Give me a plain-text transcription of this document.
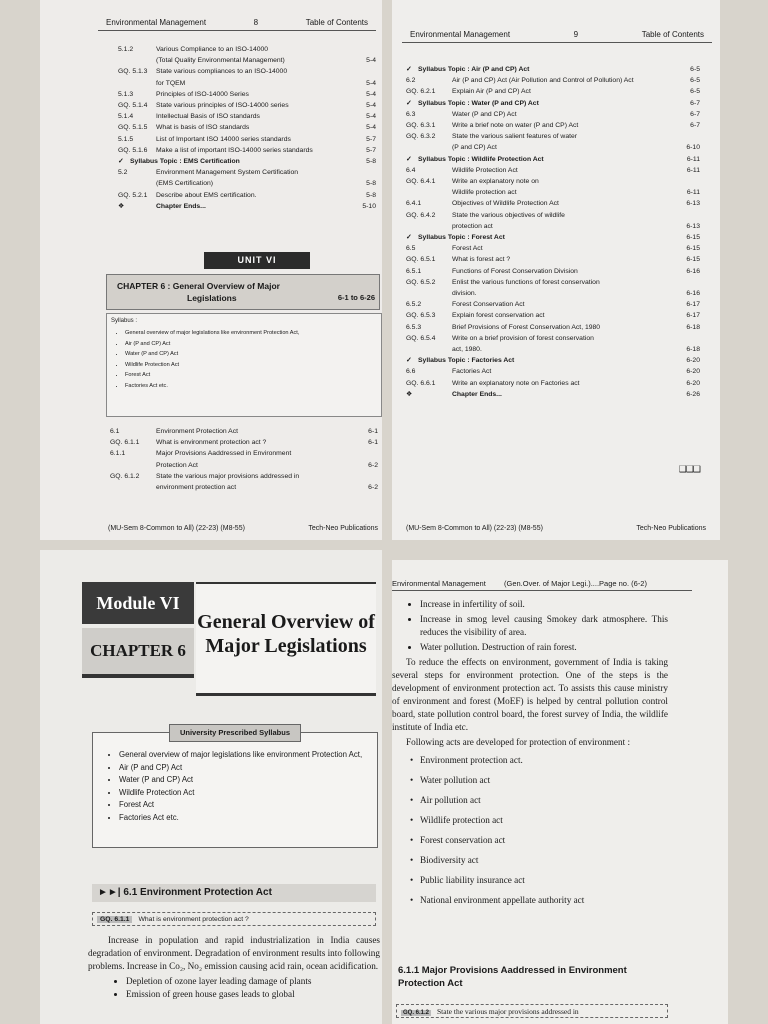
Environmental Management	8	Table of Contents
5.1.2	Various Compliance to an ISO-14000
(Total Quality Environmental Management)	5-4
GQ. 5.1.3 State various compliances to an ISO-14000
for TQEM	5-4
5.1.3	Principles of ISO-14000 Series	5-4
GQ. 5.1.4 State various principles of ISO-14000 series	5-4
5.1.4	Intellectual Basis of ISO standards	5-4
GQ. 5.1.5 What is basis of ISO standards	5-4
5.1.5	List of Important ISO 14000 series standards	5-7
GQ. 5.1.6 Make a list of important ISO-14000 series standards	5-7
✓ Syllabus Topic : EMS Certification	5-8
5.2	Environment Management System Certification
(EMS Certification)	5-8
GQ. 5.2.1 Describe about EMS certification.	5-8
❖	Chapter Ends...	5-10
UNIT VI
CHAPTER 6 : General Overview of Major
Legislations	6-1 to 6-26
Syllabus :
• General overview of major legislations like environment Protection Act,
• Air (P and CP) Act
• Water (P and CP) Act
• Wildlife Protection Act
• Forest Act
• Factories Act etc.
6.1	Environment Protection Act	6-1
GQ. 6.1.1 What is environment protection act ?	6-1
6.1.1	Major Provisions Aaddressed in Environment
Protection Act	6-2
GQ. 6.1.2 State the various major provisions addressed in
environment protection act	6-2
(MU-Sem 8-Common to All) (22-23) (M8-55)	Tech-Neo Publications
Environmental Management	9	Table of Contents
✓ Syllabus Topic : Air (P and CP) Act	6-5
6.2	Air (P and CP) Act (Air Pollution and Control of Pollution) Act	6-5
GQ. 6.2.1 Explain Air (P and CP) Act	6-5
✓ Syllabus Topic : Water (P and CP) Act	6-7
6.3	Water (P and CP) Act	6-7
GQ. 6.3.1 Write a brief note on water (P and CP) Act	6-7
GQ. 6.3.2 State the various salient features of water
(P and CP) Act	6-10
✓ Syllabus Topic : Wildlife Protection Act	6-11
6.4	Wildlife Protection Act	6-11
GQ. 6.4.1 Write an explanatory note on
Wildlife protection act	6-11
6.4.1	Objectives of Wildlife Protection Act	6-13
GQ. 6.4.2 State the various objectives of wildlife
protection act	6-13
✓ Syllabus Topic : Forest Act	6-15
6.5	Forest Act	6-15
GQ. 6.5.1 What is forest act ?	6-15
6.5.1	Functions of Forest Conservation Division	6-16
GQ. 6.5.2 Enlist the various functions of forest conservation
division.	6-16
6.5.2	Forest Conservation Act	6-17
GQ. 6.5.3 Explain forest conservation act	6-17
6.5.3	Brief Provisions of Forest Conservation Act, 1980	6-18
GQ. 6.5.4 Write on a brief provision of forest conservation
act, 1980.	6-18
✓ Syllabus Topic : Factories Act	6-20
6.6	Factories Act	6-20
GQ. 6.6.1 Write an explanatory note on Factories act	6-20
❖	Chapter Ends...	6-26
❑❑❑
(MU-Sem 8-Common to All) (22-23) (M8-55)	Tech-Neo Publications
Module VI
CHAPTER 6
General Overview of Major Legislations
University Prescribed Syllabus
• General overview of major legislations like environment Protection Act,
• Air (P and CP) Act
• Water (P and CP) Act
• Wildlife Protection Act
• Forest Act
• Factories Act etc.
►►| 6.1 Environment Protection Act
GQ. 6.1.1 What is environment protection act ?

Increase in population and rapid industrialization in India causes degradation of environment. Degradation of environment results into following problems. Increase in Co₂, No₂ emission causing acid rain, ocean acidification.

• Depletion of ozone layer leading damage of plants
• Emission of green house gases leads to global
Environmental Management (Gen.Over. of Major Legi.)....Page no. (6-2)
• Increase in infertility of soil.
• Increase in smog level causing Smokey dark atmosphere. This reduces the visibility of area.
• Water pollution. Destruction of rain forest.

To reduce the effects on environment, government of India is taking several steps for environment protection. One of the steps is the development of environment protection act. To assists this cause ministry of environment and forest (MoEF) is helped by central pollution control board, state pollution control board, the forest survey of India, the wildlife institute of India etc.

Following acts are developed for protection of environment :

• Environment protection act.
• Water pollution act
• Air pollution act
• Wildlife protection act
• Forest conservation act
• Biodiversity act
• Public liability insurance act
• National environment appellate authority act
6.1.1 Major Provisions Aaddressed in Environment Protection Act
GQ. 6.1.2 State the various major provisions addressed in
